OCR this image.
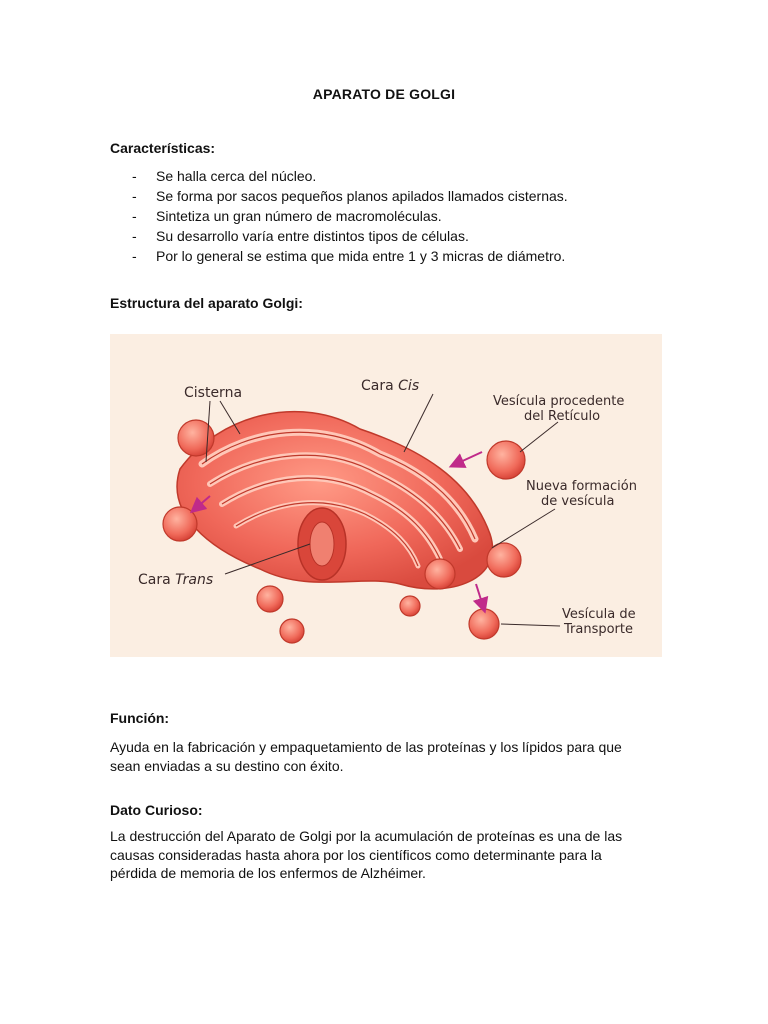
APARATO DE GOLGI
Características:
-	Se halla cerca del núcleo.
-	Se forma por sacos pequeños planos apilados llamados cisternas.
-	Sintetiza un gran número de macromoléculas.
-	Su desarrollo varía entre distintos tipos de células.
-	Por lo general se estima que mida entre 1 y 3 micras de diámetro.
Estructura del aparato Golgi:
Cisterna	Cara Cis
Vesícula procedente
del Retículo
Nueva formación
de vesícula
Cara Trans
Vesícula de
Transporte
Función:

Ayuda en la fabricación y empaquetamiento de las proteínas y los lípidos para que sean enviadas a su destino con éxito.

Dato Curioso:

La destrucción del Aparato de Golgi por la acumulación de proteínas es una de las causas consideradas hasta ahora por los científicos como determinante para la pérdida de memoria de los enfermos de Alzhéimer.
